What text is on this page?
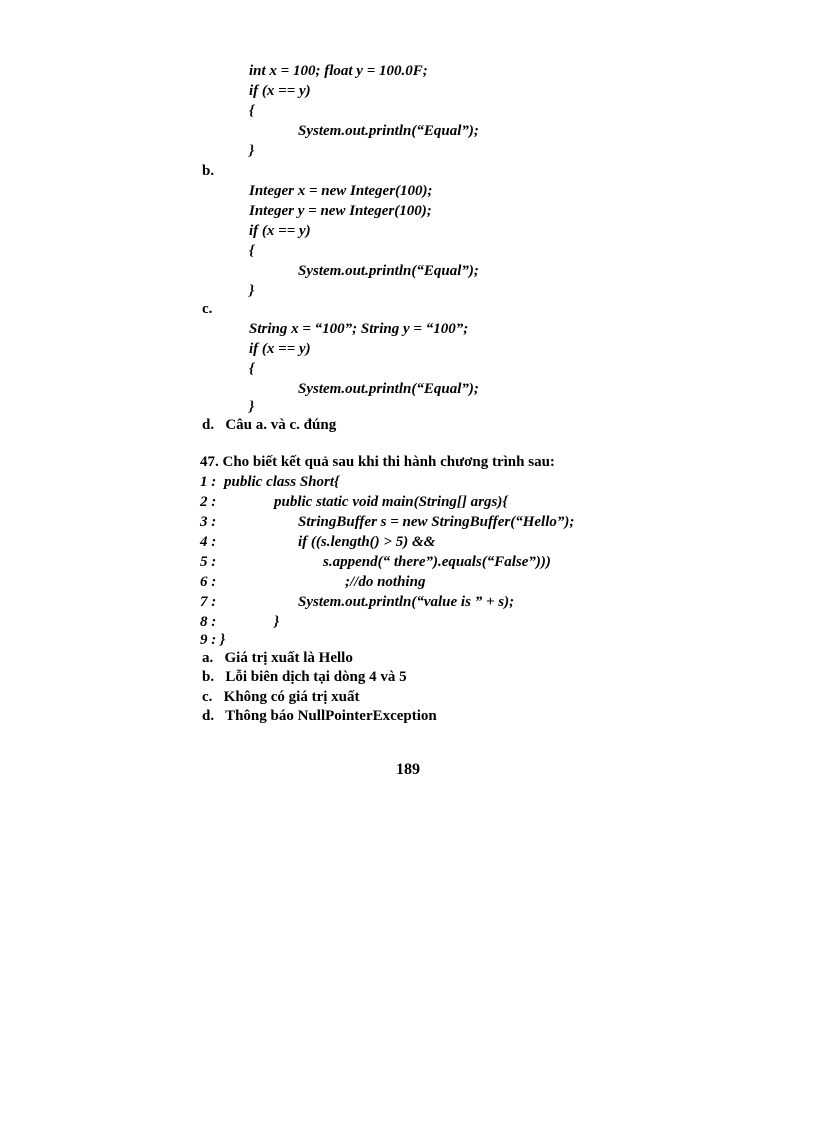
int x = 100; float y = 100.0F;
if (x == y)
{
System.out.println(“Equal”);
}
b.
Integer x = new Integer(100);
Integer y = new Integer(100);
if (x == y)
{
System.out.println(“Equal”);
}
c.
String x = “100”; String y = “100”;
if (x == y)
{
System.out.println(“Equal”);
}
d.   Câu a. và c. đúng
47. Cho biết kết quả sau khi thi hành chương trình sau:
1 : public class Short{
2 :	public static void main(String[] args){
3 :	StringBuffer s = new StringBuffer(“Hello”);
4 :	if ((s.length() > 5) &&
5 :	s.append(“ there”).equals(“False”)))
6 :	;//do nothing
7 :	System.out.println(“value is ” + s);
8 :	}
9 : }
a.   Giá trị xuất là Hello
b.   Lỗi biên dịch tại dòng 4 và 5
c.   Không có giá trị xuất
d.   Thông báo NullPointerException
189
